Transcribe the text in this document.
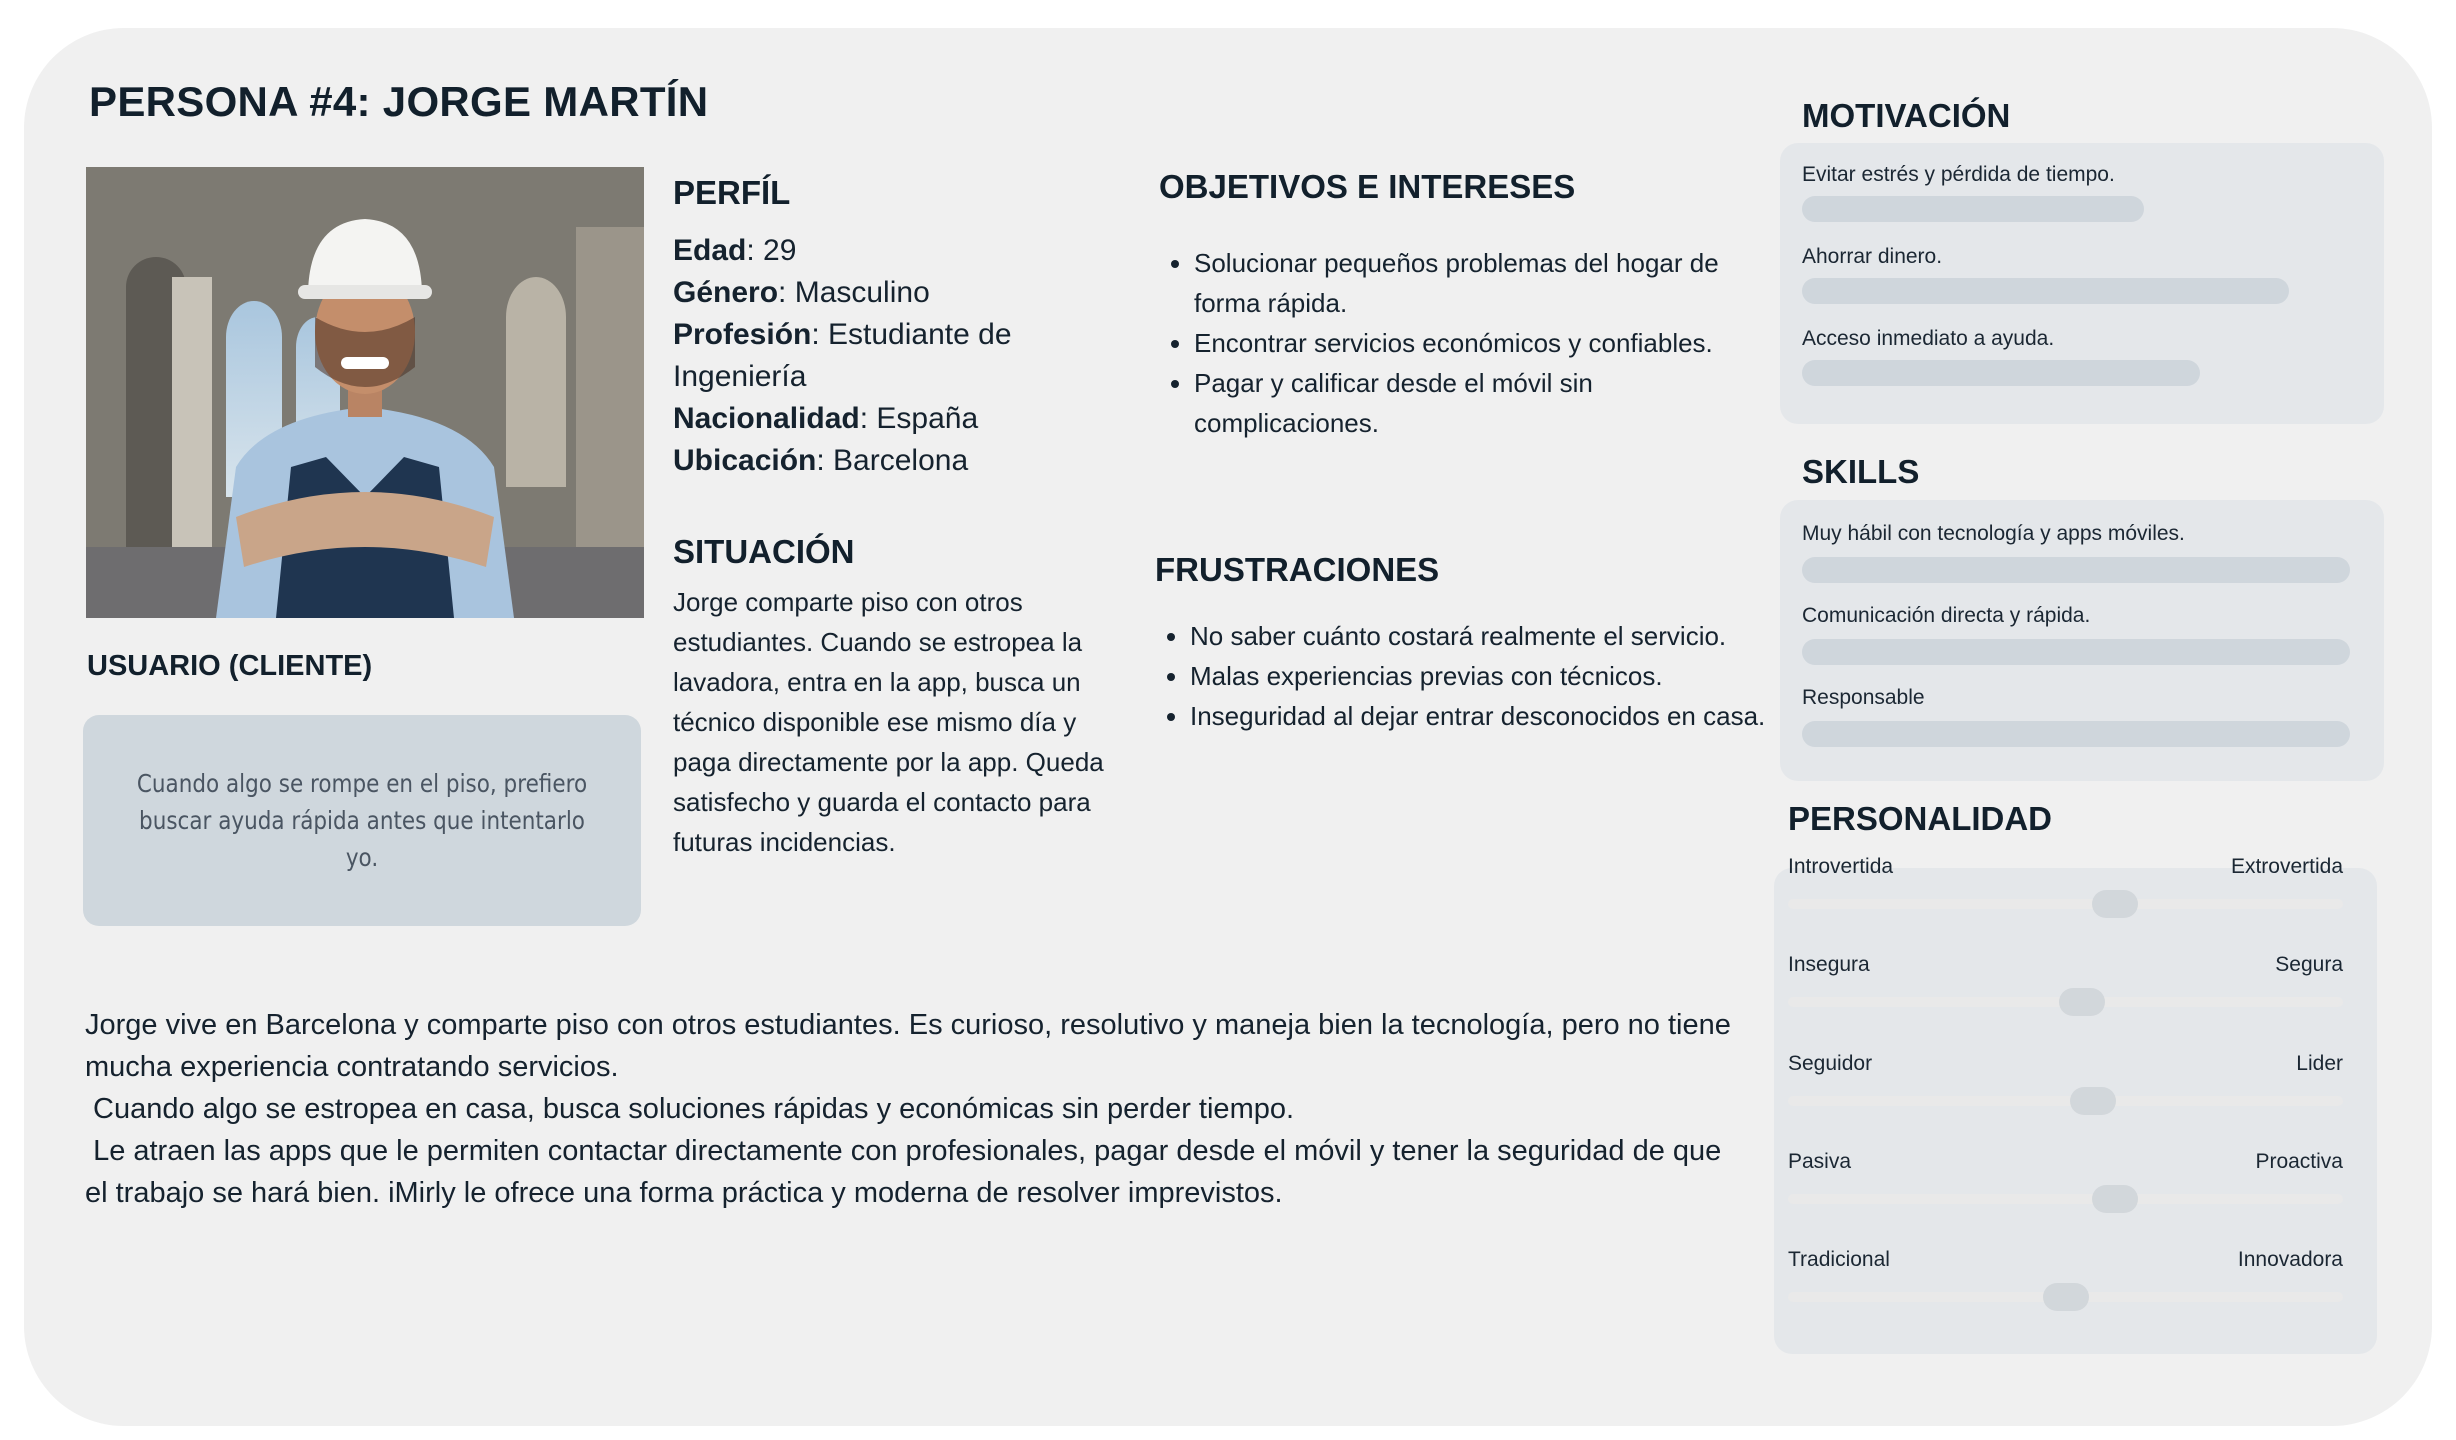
PERSONA #4: JORGE MARTÍN
USUARIO (CLIENTE)
Cuando algo se rompe en el piso, prefiero buscar ayuda rápida antes que intentarlo yo.
PERFÍL
Edad: 29
Género: Masculino
Profesión: Estudiante de Ingeniería
Nacionalidad: España
Ubicación: Barcelona
SITUACIÓN
Jorge comparte piso con otros estudiantes. Cuando se estropea la lavadora, entra en la app, busca un técnico disponible ese mismo día y paga directamente por la app. Queda satisfecho y guarda el contacto para futuras incidencias.
OBJETIVOS E INTERESES
• Solucionar pequeños problemas del hogar de forma rápida.
• Encontrar servicios económicos y confiables.
• Pagar y calificar desde el móvil sin complicaciones.
FRUSTRACIONES
• No saber cuánto costará realmente el servicio.
• Malas experiencias previas con técnicos.
• Inseguridad al dejar entrar desconocidos en casa.
Jorge vive en Barcelona y comparte piso con otros estudiantes. Es curioso, resolutivo y maneja bien la tecnología, pero no tiene mucha experiencia contratando servicios.
Cuando algo se estropea en casa, busca soluciones rápidas y económicas sin perder tiempo.
Le atraen las apps que le permiten contactar directamente con profesionales, pagar desde el móvil y tener la seguridad de que el trabajo se hará bien. iMirly le ofrece una forma práctica y moderna de resolver imprevistos.
MOTIVACIÓN
Evitar estrés y pérdida de tiempo.
Ahorrar dinero.
Acceso inmediato a ayuda.
SKILLS
Muy hábil con tecnología y apps móviles.
Comunicación directa y rápida.
Responsable
PERSONALIDAD
Introvertida	Extrovertida
Insegura	Segura
Seguidor	Lider
Pasiva	Proactiva
Tradicional	Innovadora
